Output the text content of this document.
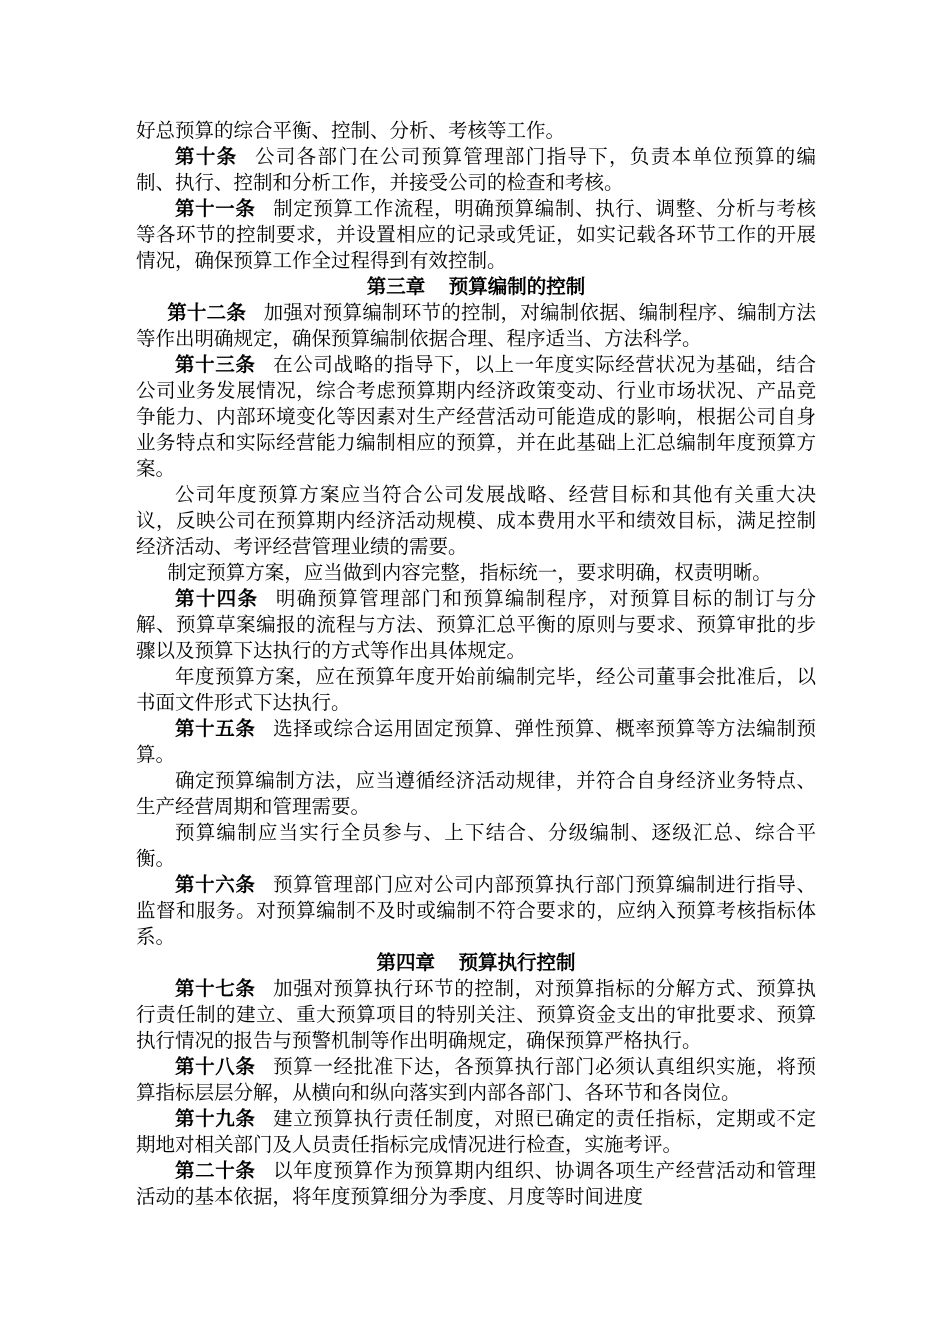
好总预算的综合平衡、控制、分析、考核等工作。

第十条 公司各部门在公司预算管理部门指导下，负责本单位预算的编制、执行、控制和分析工作，并接受公司的检查和考核。

第十一条 制定预算工作流程，明确预算编制、执行、调整、分析与考核等各环节的控制要求，并设置相应的记录或凭证，如实记载各环节工作的开展情况，确保预算工作全过程得到有效控制。

第三章 预算编制的控制

第十二条 加强对预算编制环节的控制，对编制依据、编制程序、编制方法等作出明确规定，确保预算编制依据合理、程序适当、方法科学。

第十三条 在公司战略的指导下，以上一年度实际经营状况为基础，结合公司业务发展情况，综合考虑预算期内经济政策变动、行业市场状况、产品竞争能力、内部环境变化等因素对生产经营活动可能造成的影响，根据公司自身业务特点和实际经营能力编制相应的预算，并在此基础上汇总编制年度预算方案。

公司年度预算方案应当符合公司发展战略、经营目标和其他有关重大决议，反映公司在预算期内经济活动规模、成本费用水平和绩效目标，满足控制经济活动、考评经营管理业绩的需要。

制定预算方案，应当做到内容完整，指标统一，要求明确，权责明晰。

第十四条 明确预算管理部门和预算编制程序，对预算目标的制订与分解、预算草案编报的流程与方法、预算汇总平衡的原则与要求、预算审批的步骤以及预算下达执行的方式等作出具体规定。

年度预算方案，应在预算年度开始前编制完毕，经公司董事会批准后，以书面文件形式下达执行。

第十五条 选择或综合运用固定预算、弹性预算、概率预算等方法编制预算。

确定预算编制方法，应当遵循经济活动规律，并符合自身经济业务特点、生产经营周期和管理需要。

预算编制应当实行全员参与、上下结合、分级编制、逐级汇总、综合平衡。

第十六条 预算管理部门应对公司内部预算执行部门预算编制进行指导、监督和服务。对预算编制不及时或编制不符合要求的，应纳入预算考核指标体系。

第四章 预算执行控制

第十七条 加强对预算执行环节的控制，对预算指标的分解方式、预算执行责任制的建立、重大预算项目的特别关注、预算资金支出的审批要求、预算执行情况的报告与预警机制等作出明确规定，确保预算严格执行。

第十八条 预算一经批准下达，各预算执行部门必须认真组织实施，将预算指标层层分解，从横向和纵向落实到内部各部门、各环节和各岗位。

第十九条 建立预算执行责任制度，对照已确定的责任指标，定期或不定期地对相关部门及人员责任指标完成情况进行检查，实施考评。

第二十条 以年度预算作为预算期内组织、协调各项生产经营活动和管理活动的基本依据，将年度预算细分为季度、月度等时间进度
